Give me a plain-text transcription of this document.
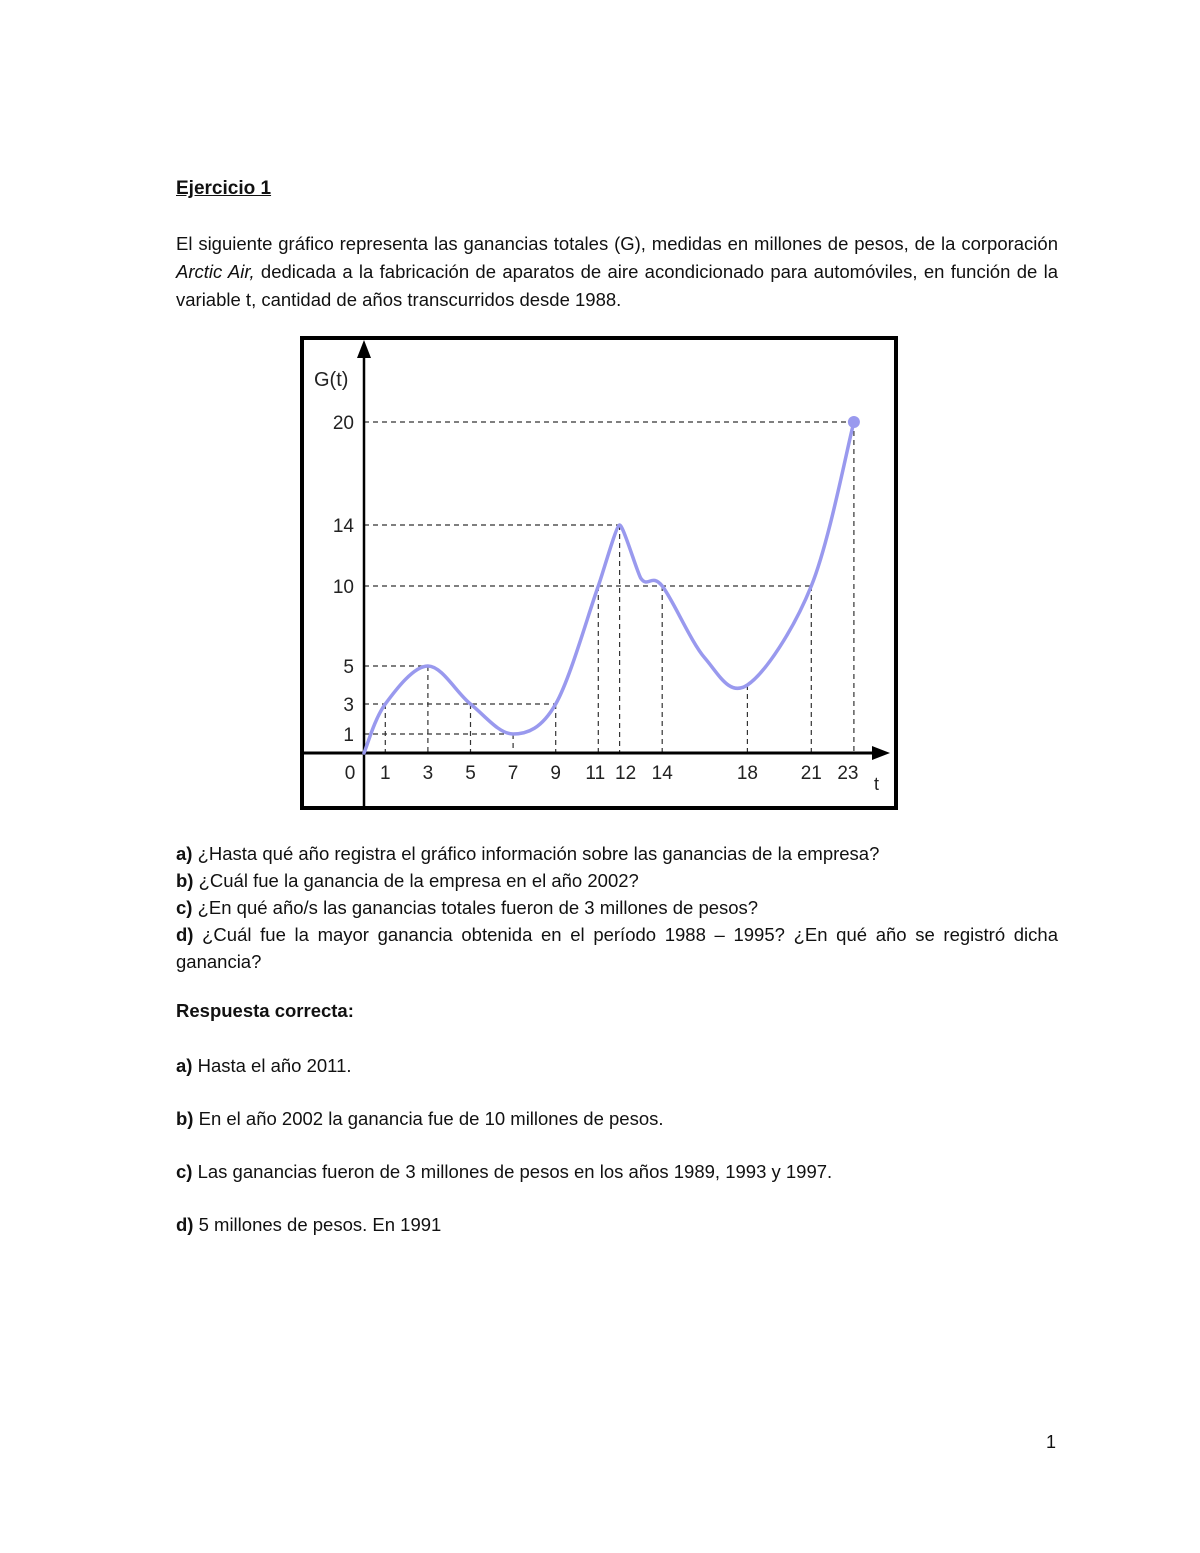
Ejercicio 1

El siguiente gráfico representa las ganancias totales (G), medidas en millones de pesos, de la corporación Arctic Air, dedicada a la fabricación de aparatos de aire acondicionado para automóviles, en función de la variable t, cantidad de años transcurridos desde 1988.

0 1 3 5 7 9 11 12 14	18 21 23
1
3
5
10
14
20
G(t)
t

a) ¿Hasta qué año registra el gráfico información sobre las ganancias de la empresa?

b) ¿Cuál fue la ganancia de la empresa en el año 2002?

c) ¿En qué año/s las ganancias totales fueron de 3 millones de pesos?

d) ¿Cuál fue la mayor ganancia obtenida en el período 1988 – 1995? ¿En qué año se registró dicha ganancia?

Respuesta correcta:

a) Hasta el año 2011.

b) En el año 2002 la ganancia fue de 10 millones de pesos.

c) Las ganancias fueron de 3 millones de pesos en los años 1989, 1993 y 1997.

d) 5 millones de pesos. En 1991

1
